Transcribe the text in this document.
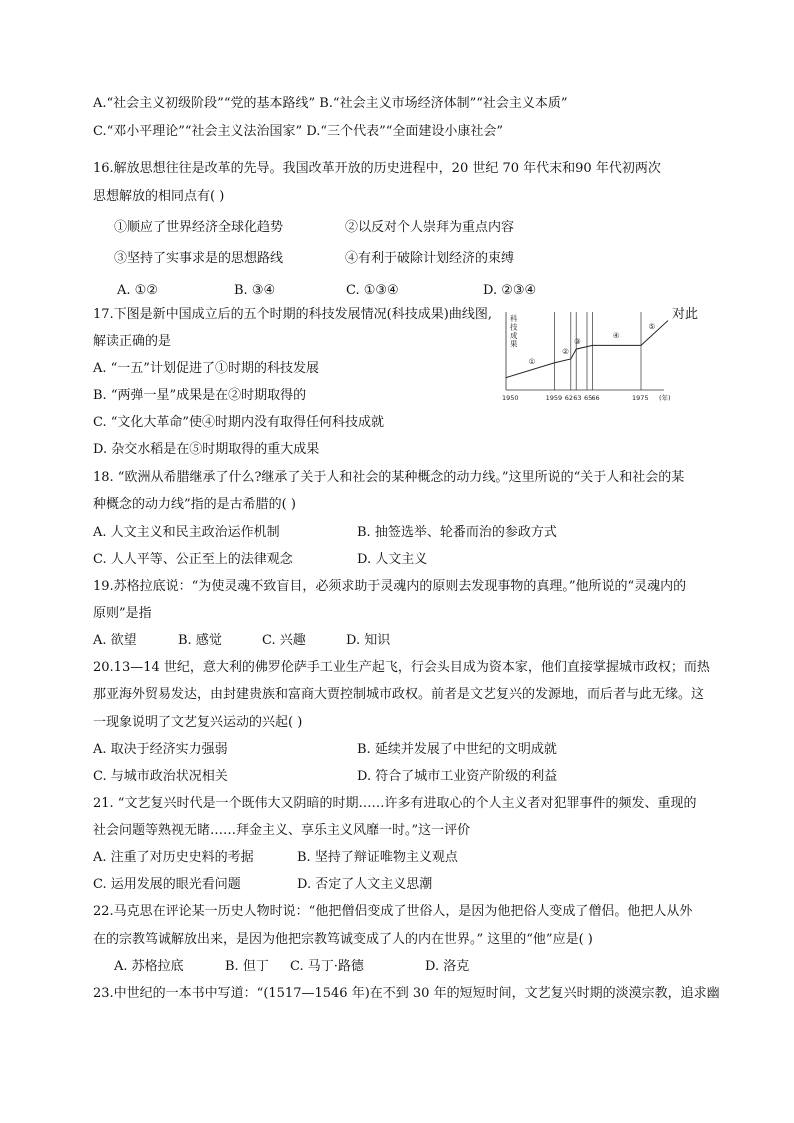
A.“社会主义初级阶段”“党的基本路线” B.“社会主义市场经济体制”“社会主义本质”
C.“邓小平理论”“社会主义法治国家” D.“三个代表”“全面建设小康社会”
16.解放思想往往是改革的先导。我国改革开放的历史进程中，20 世纪 70 年代末和90 年代初两次
思想解放的相同点有( )
①顺应了世界经济全球化趋势	②以反对个人崇拜为重点内容
③坚持了实事求是的思想路线	④有利于破除计划经济的束缚
A. ①②	B. ③④	C. ①③④	D. ②③④
17.下图是新中国成立后的五个时期的科技发展情况(科技成果)曲线图,	对此
解读正确的是
A. “一五”计划促进了①时期的科技发展
B. “两弹一星”成果是在②时期取得的
C. “文化大革命”使④时期内没有取得任何科技成就
D. 杂交水稻是在⑤时期取得的重大成果
科
技
成
果
1950	1959 62 63 65 66	1975 (年)
①
②
③
④
⑤
18. “欧洲从希腊继承了什么?继承了关于人和社会的某种概念的动力线。”这里所说的“关于人和社会的某
种概念的动力线”指的是古希腊的( )
A. 人文主义和民主政治运作机制	B. 抽签选举、轮番而治的参政方式
C. 人人平等、公正至上的法律观念	D. 人文主义
19.苏格拉底说：“为使灵魂不致盲目，必须求助于灵魂内的原则去发现事物的真理。”他所说的“灵魂内的
原则”是指
A. 欲望	B. 感觉	C. 兴趣	D. 知识
20.13—14 世纪，意大利的佛罗伦萨手工业生产起飞，行会头目成为资本家，他们直接掌握城市政权；而热
那亚海外贸易发达，由封建贵族和富商大贾控制城市政权。前者是文艺复兴的发源地，而后者与此无缘。这
一现象说明了文艺复兴运动的兴起( )
A. 取决于经济实力强弱	B. 延续并发展了中世纪的文明成就
C. 与城市政治状况相关	D. 符合了城市工业资产阶级的利益
21. “文艺复兴时代是一个既伟大又阴暗的时期……许多有进取心的个人主义者对犯罪事件的频发、重现的
社会问题等熟视无睹……拜金主义、享乐主义风靡一时。”这一评价
A. 注重了对历史史料的考据	B. 坚持了辩证唯物主义观点
C. 运用发展的眼光看问题	D. 否定了人文主义思潮
22.马克思在评论某一历史人物时说：“他把僧侣变成了世俗人，是因为他把俗人变成了僧侣。他把人从外
在的宗教笃诚解放出来，是因为他把宗教笃诚变成了人的内在世界。” 这里的“他”应是( )
A. 苏格拉底	B. 但丁 C. 马丁·路德	D. 洛克
23.中世纪的一本书中写道：“(1517—1546 年)在不到 30 年的短短时间，文艺复兴时期的淡漠宗教，追求幽
